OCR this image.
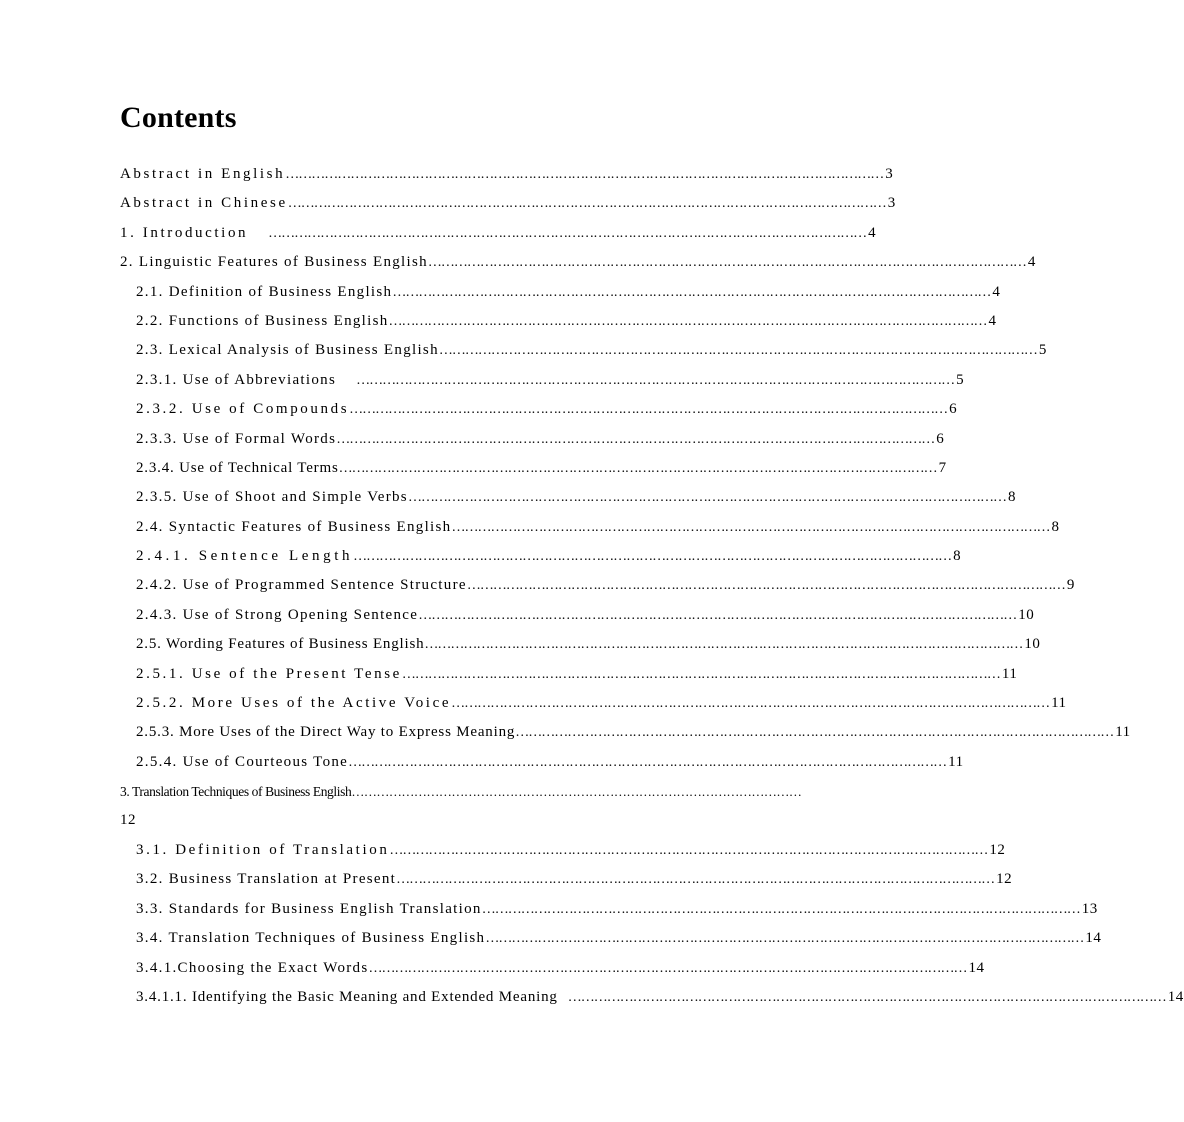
Contents
Abstract in English ………………………………………………………………………………………………………………………… 3
Abstract in Chinese ………………………………………………………………………………………………………………………… 3
1. Introduction ………………………………………………………………………………………………………………………… 4
2. Linguistic Features of Business English ………………………………………………………………………………………………………………………… 4
2.1. Definition of Business English ………………………………………………………………………………………………………………………… 4
2.2. Functions of Business English ………………………………………………………………………………………………………………………… 4
2.3. Lexical Analysis of Business English ………………………………………………………………………………………………………………………… 5
2.3.1. Use of Abbreviations ………………………………………………………………………………………………………………………… 5
2.3.2. Use of Compounds ………………………………………………………………………………………………………………………… 6
2.3.3. Use of Formal Words ………………………………………………………………………………………………………………………… 6
2.3.4. Use of Technical Terms ………………………………………………………………………………………………………………………… 7
2.3.5. Use of Shoot and Simple Verbs ………………………………………………………………………………………………………………………… 8
2.4. Syntactic Features of Business English ………………………………………………………………………………………………………………………… 8
2.4.1. Sentence Length ………………………………………………………………………………………………………………………… 8
2.4.2. Use of Programmed Sentence Structure ………………………………………………………………………………………………………………………… 9
2.4.3. Use of Strong Opening Sentence ………………………………………………………………………………………………………………………… 10
2.5. Wording Features of Business English ………………………………………………………………………………………………………………………… 10
2.5.1. Use of the Present Tense ………………………………………………………………………………………………………………………… 11
2.5.2. More Uses of the Active Voice ………………………………………………………………………………………………………………………… 11
2.5.3. More Uses of the Direct Way to Express Meaning ………………………………………………………………………………………………………………………… 11
2.5.4. Use of Courteous Tone ………………………………………………………………………………………………………………………… 11
3. Translation Techniques of Business English ………………………………………………………………………………………………
12
3.1. Definition of Translation ………………………………………………………………………………………………………………………… 12
3.2. Business Translation at Present ………………………………………………………………………………………………………………………… 12
3.3. Standards for Business English Translation ………………………………………………………………………………………………………………………… 13
3.4. Translation Techniques of Business English ………………………………………………………………………………………………………………………… 14
3.4.1.Choosing the Exact Words ………………………………………………………………………………………………………………………… 14
3.4.1.1. Identifying the Basic Meaning and Extended Meaning ………………………………………………………………………………………………………………………… 14
